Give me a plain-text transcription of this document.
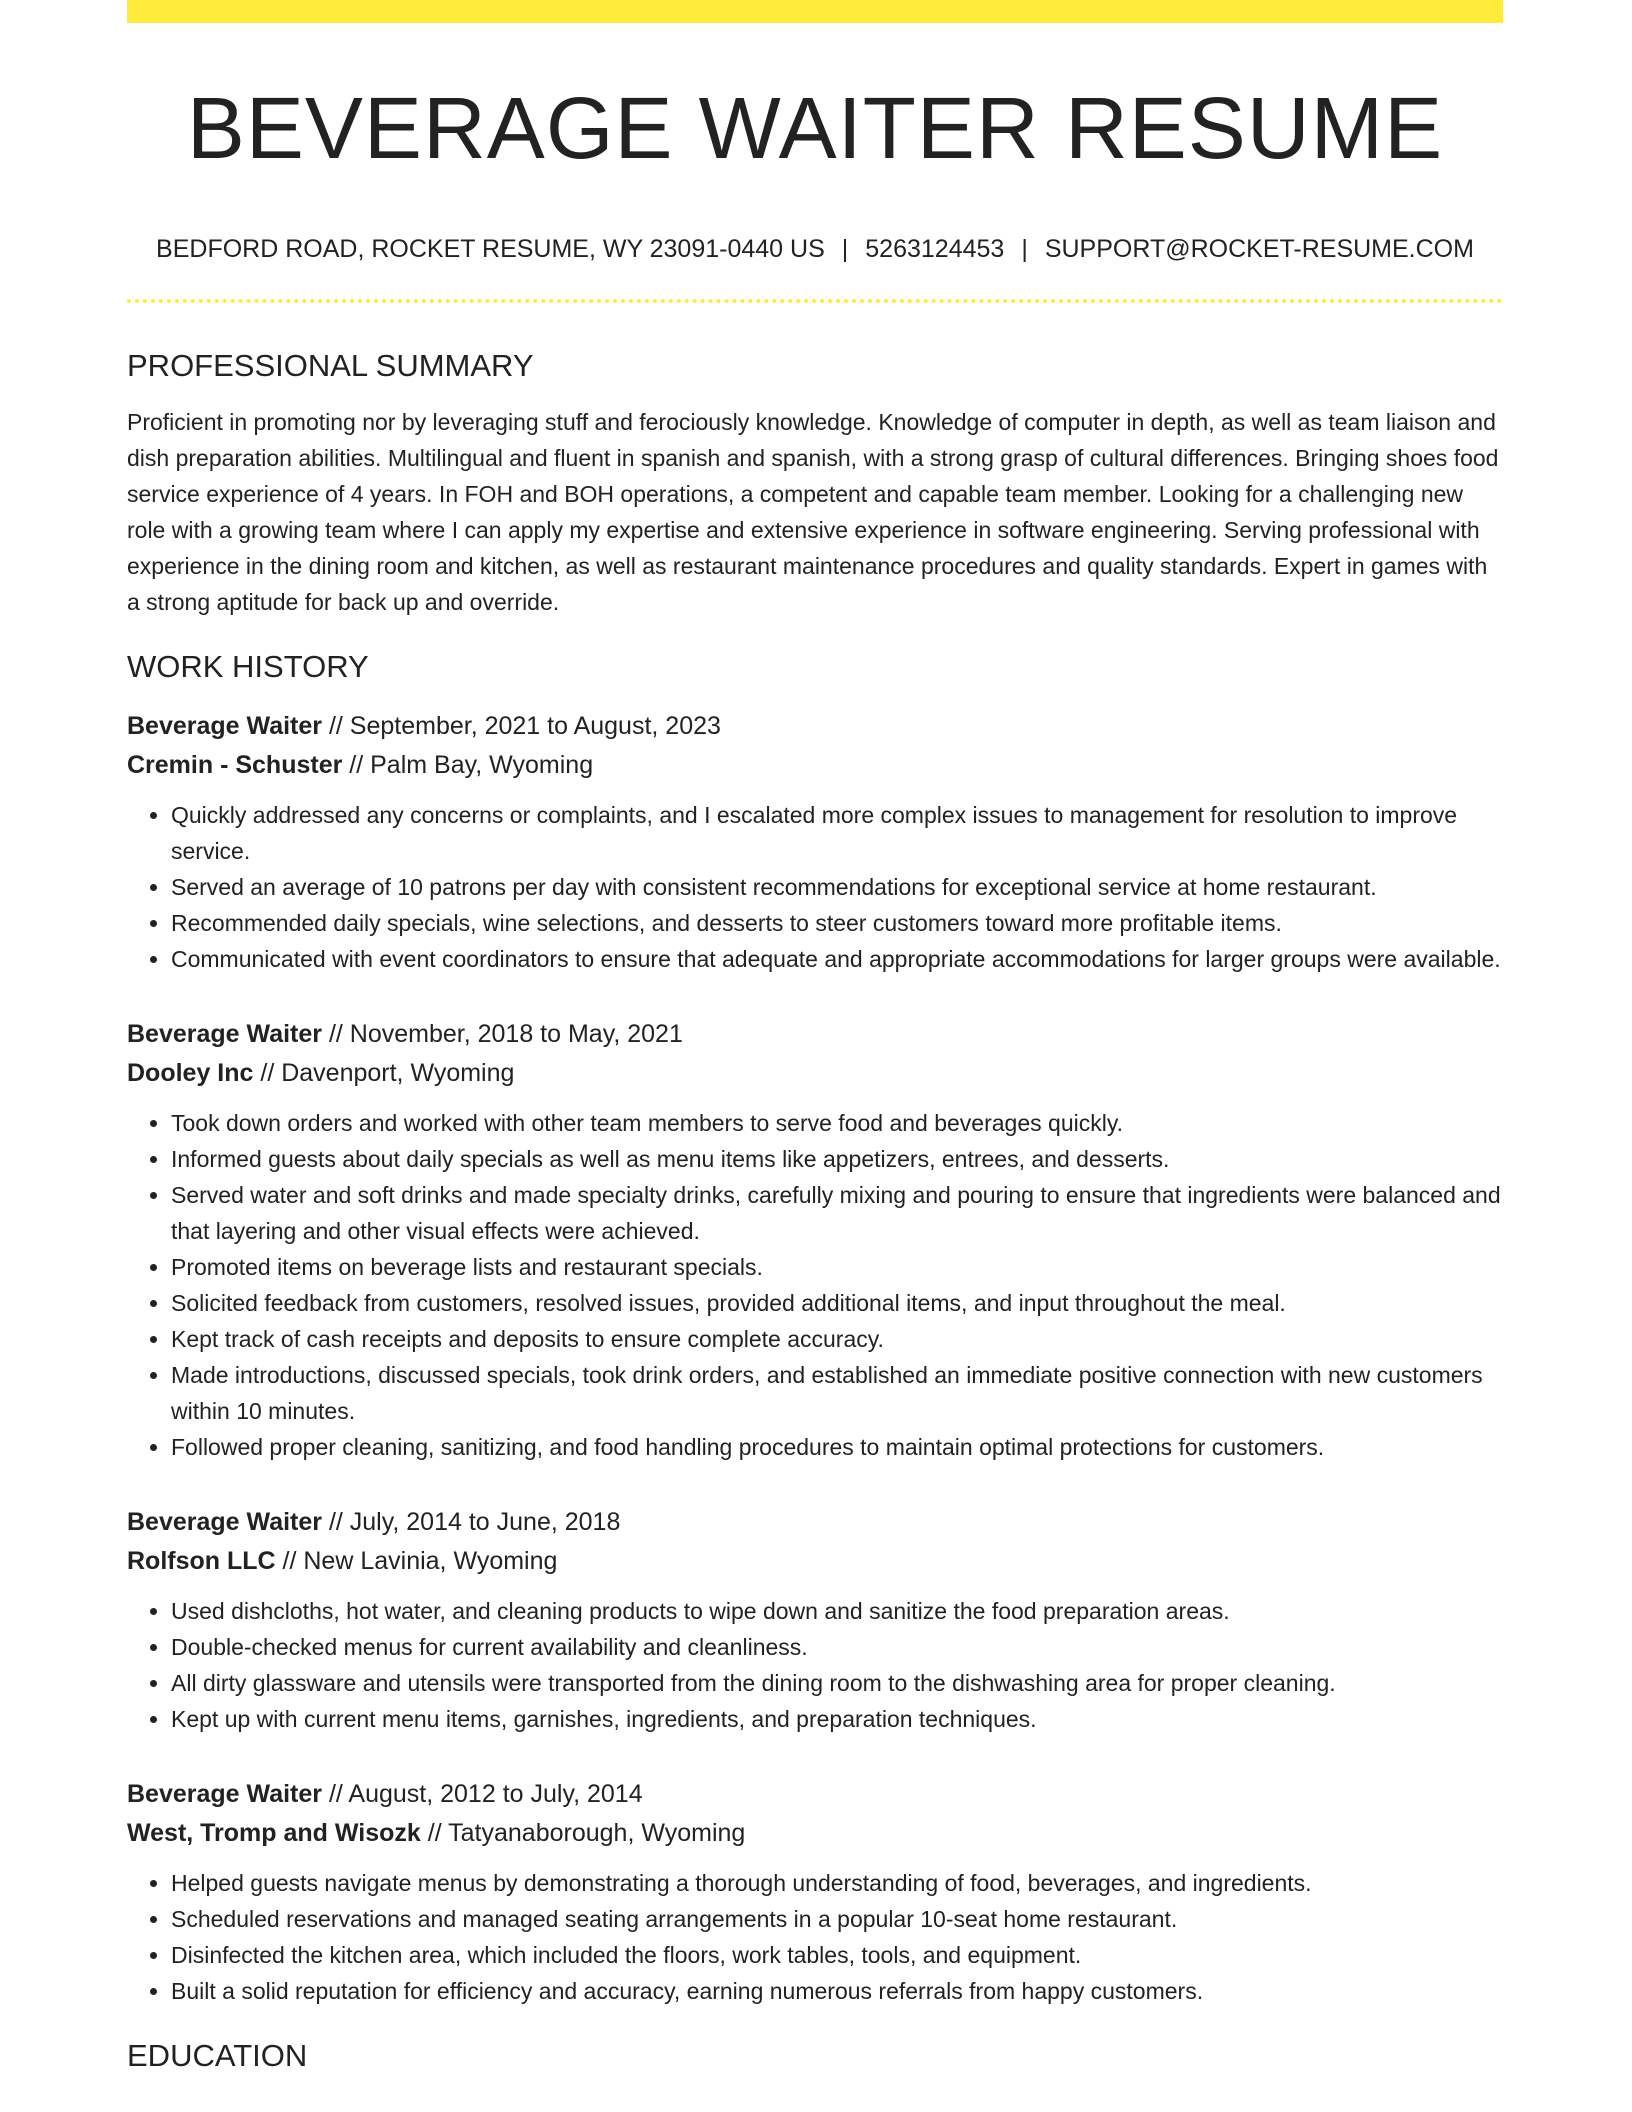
BEVERAGE WAITER RESUME
BEDFORD ROAD, ROCKET RESUME, WY 23091-0440 US | 5263124453 | SUPPORT@ROCKET-RESUME.COM
PROFESSIONAL SUMMARY

Proficient in promoting nor by leveraging stuff and ferociously knowledge. Knowledge of computer in depth, as well as team liaison and dish preparation abilities. Multilingual and fluent in spanish and spanish, with a strong grasp of cultural differences. Bringing shoes food service experience of 4 years. In FOH and BOH operations, a competent and capable team member. Looking for a challenging new role with a growing team where I can apply my expertise and extensive experience in software engineering. Serving professional with experience in the dining room and kitchen, as well as restaurant maintenance procedures and quality standards. Expert in games with a strong aptitude for back up and override.

WORK HISTORY
Beverage Waiter // September, 2021 to August, 2023
Cremin - Schuster // Palm Bay, Wyoming
• Quickly addressed any concerns or complaints, and I escalated more complex issues to management for resolution to improve service.
• Served an average of 10 patrons per day with consistent recommendations for exceptional service at home restaurant.
• Recommended daily specials, wine selections, and desserts to steer customers toward more profitable items.
• Communicated with event coordinators to ensure that adequate and appropriate accommodations for larger groups were available.
Beverage Waiter // November, 2018 to May, 2021
Dooley Inc // Davenport, Wyoming
• Took down orders and worked with other team members to serve food and beverages quickly.
• Informed guests about daily specials as well as menu items like appetizers, entrees, and desserts.
• Served water and soft drinks and made specialty drinks, carefully mixing and pouring to ensure that ingredients were balanced and that layering and other visual effects were achieved.
• Promoted items on beverage lists and restaurant specials.
• Solicited feedback from customers, resolved issues, provided additional items, and input throughout the meal.
• Kept track of cash receipts and deposits to ensure complete accuracy.
• Made introductions, discussed specials, took drink orders, and established an immediate positive connection with new customers within 10 minutes.
• Followed proper cleaning, sanitizing, and food handling procedures to maintain optimal protections for customers.
Beverage Waiter // July, 2014 to June, 2018
Rolfson LLC // New Lavinia, Wyoming
• Used dishcloths, hot water, and cleaning products to wipe down and sanitize the food preparation areas.
• Double-checked menus for current availability and cleanliness.
• All dirty glassware and utensils were transported from the dining room to the dishwashing area for proper cleaning.
• Kept up with current menu items, garnishes, ingredients, and preparation techniques.
Beverage Waiter // August, 2012 to July, 2014
West, Tromp and Wisozk // Tatyanaborough, Wyoming
• Helped guests navigate menus by demonstrating a thorough understanding of food, beverages, and ingredients.
• Scheduled reservations and managed seating arrangements in a popular 10-seat home restaurant.
• Disinfected the kitchen area, which included the floors, work tables, tools, and equipment.
• Built a solid reputation for efficiency and accuracy, earning numerous referrals from happy customers.
EDUCATION
